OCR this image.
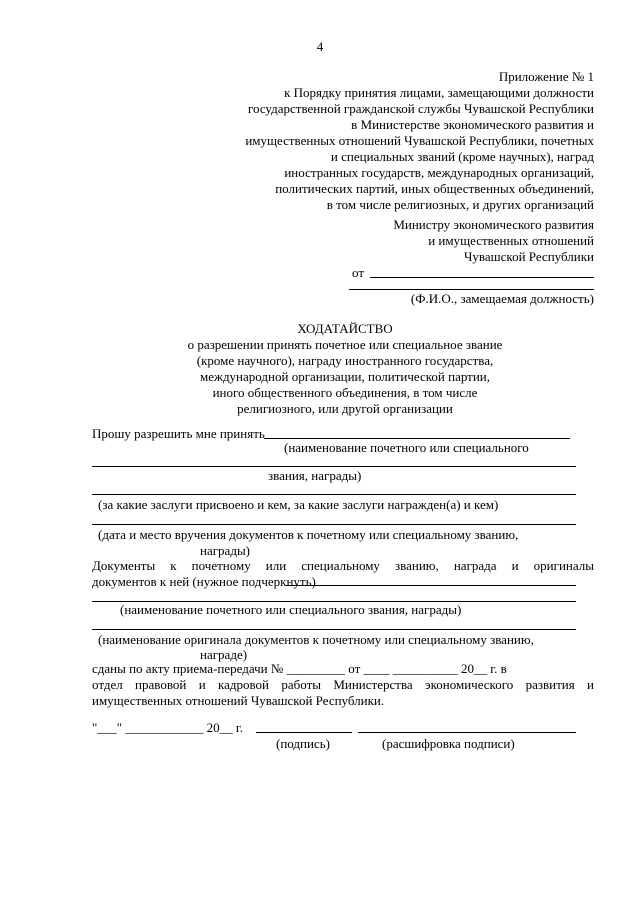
4
Приложение № 1
к Порядку принятия лицами, замещающими должности
государственной гражданской службы Чувашской Республики
в Министерстве экономического развития и
имущественных отношений Чувашской Республики, почетных
и специальных званий (кроме научных), наград
иностранных государств, международных организаций,
политических партий, иных общественных объединений,
в том числе религиозных, и других организаций
Министру экономического развития
и имущественных отношений
Чувашской Республики
от
(Ф.И.О., замещаемая должность)
ХОДАТАЙСТВО
о разрешении принять почетное или специальное звание
(кроме научного), награду иностранного государства,
международной организации, политической партии,
иного общественного объединения, в том числе
религиозного, или другой организации
Прошу разрешить мне принять
(наименование почетного или специального
звания, награды)
(за какие заслуги присвоено и кем, за какие заслуги награжден(а) и кем)
(дата и место вручения документов к почетному или специальному званию,
награды)
Документы к почетному или специальному званию, награда и оригиналы
документов к ней (нужное подчеркнуть)
(наименование почетного или специального звания, награды)
(наименование оригинала документов к почетному или специальному званию,
награде)
сданы по акту приема-передачи № _________ от ____ __________ 20__ г. в
отдел правовой и кадровой работы Министерства экономического развития и
имущественных отношений Чувашской Республики.
"___" ____________ 20__ г.
(подпись)	(расшифровка подписи)
